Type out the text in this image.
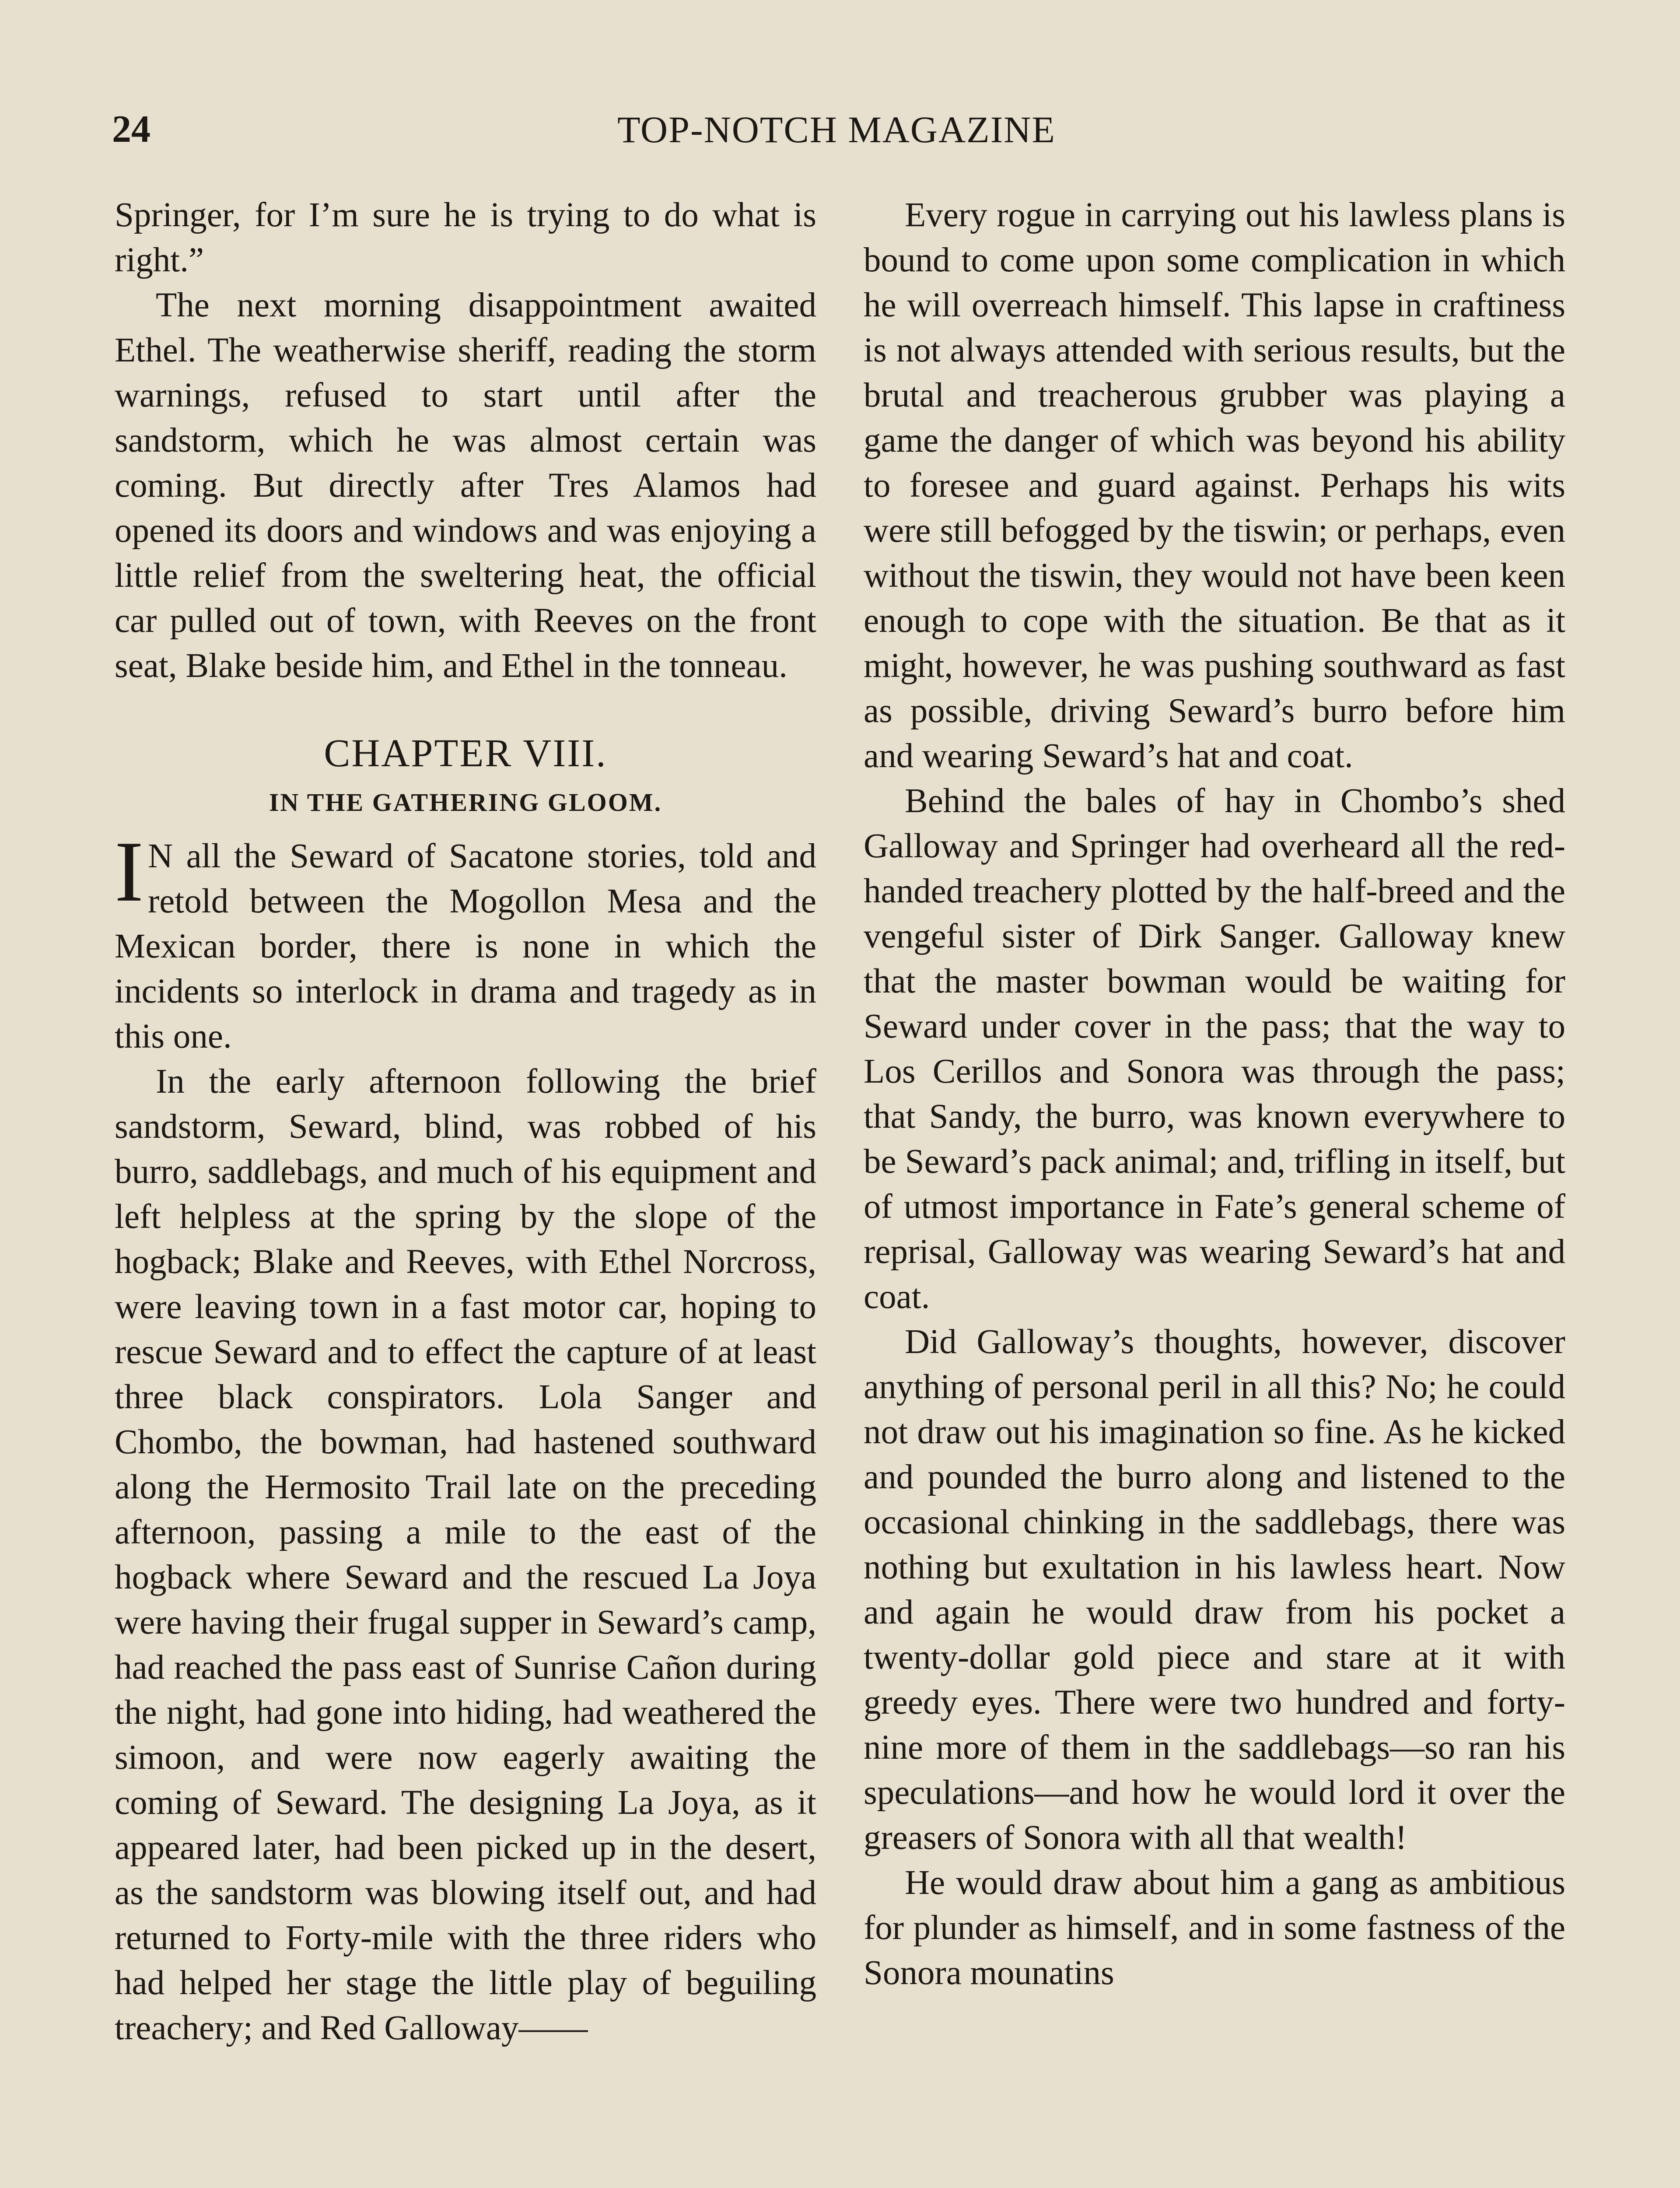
24	TOP-NOTCH MAGAZINE

Springer, for I’m sure he is trying to do what is right.”

The next morning disappointment awaited Ethel. The weatherwise sheriff, reading the storm warnings, refused to start until after the sandstorm, which he was almost certain was coming. But directly after Tres Alamos had opened its doors and windows and was enjoying a little relief from the sweltering heat, the official car pulled out of town, with Reeves on the front seat, Blake beside him, and Ethel in the tonneau.

CHAPTER VIII.
IN THE GATHERING GLOOM.

I N all the Seward of Sacatone stories, told and retold between the Mogollon Mesa and the Mexican border, there is none in which the incidents so interlock in drama and tragedy as in this one.

In the early afternoon following the brief sandstorm, Seward, blind, was robbed of his burro, saddlebags, and much of his equipment and left helpless at the spring by the slope of the hogback; Blake and Reeves, with Ethel Norcross, were leaving town in a fast motor car, hoping to rescue Seward and to effect the capture of at least three black conspirators. Lola Sanger and Chombo, the bowman, had hastened southward along the Hermosito Trail late on the preceding afternoon, passing a mile to the east of the hogback where Seward and the rescued La Joya were having their frugal supper in Seward’s camp, had reached the pass east of Sunrise Cañon during the night, had gone into hiding, had weathered the simoon, and were now eagerly awaiting the coming of Seward. The designing La Joya, as it appeared later, had been picked up in the desert, as the sandstorm was blowing itself out, and had returned to Forty-mile with the three riders who had helped her stage the little play of beguiling treachery; and Red Galloway——

Every rogue in carrying out his lawless plans is bound to come upon some complication in which he will overreach himself. This lapse in craftiness is not always attended with serious results, but the brutal and treacherous grubber was playing a game the danger of which was beyond his ability to foresee and guard against. Perhaps his wits were still befogged by the tiswin; or perhaps, even without the tiswin, they would not have been keen enough to cope with the situation. Be that as it might, however, he was pushing southward as fast as possible, driving Seward’s burro before him and wearing Seward’s hat and coat.

Behind the bales of hay in Chombo’s shed Galloway and Springer had overheard all the red-handed treachery plotted by the half-breed and the vengeful sister of Dirk Sanger. Galloway knew that the master bowman would be waiting for Seward under cover in the pass; that the way to Los Cerillos and Sonora was through the pass; that Sandy, the burro, was known everywhere to be Seward’s pack animal; and, trifling in itself, but of utmost importance in Fate’s general scheme of reprisal, Galloway was wearing Seward’s hat and coat.

Did Galloway’s thoughts, however, discover anything of personal peril in all this? No; he could not draw out his imagination so fine. As he kicked and pounded the burro along and listened to the occasional chinking in the saddlebags, there was nothing but exultation in his lawless heart. Now and again he would draw from his pocket a twenty-dollar gold piece and stare at it with greedy eyes. There were two hundred and forty-nine more of them in the saddlebags—so ran his speculations—and how he would lord it over the greasers of Sonora with all that wealth!

He would draw about him a gang as ambitious for plunder as himself, and in some fastness of the Sonora mounatins
